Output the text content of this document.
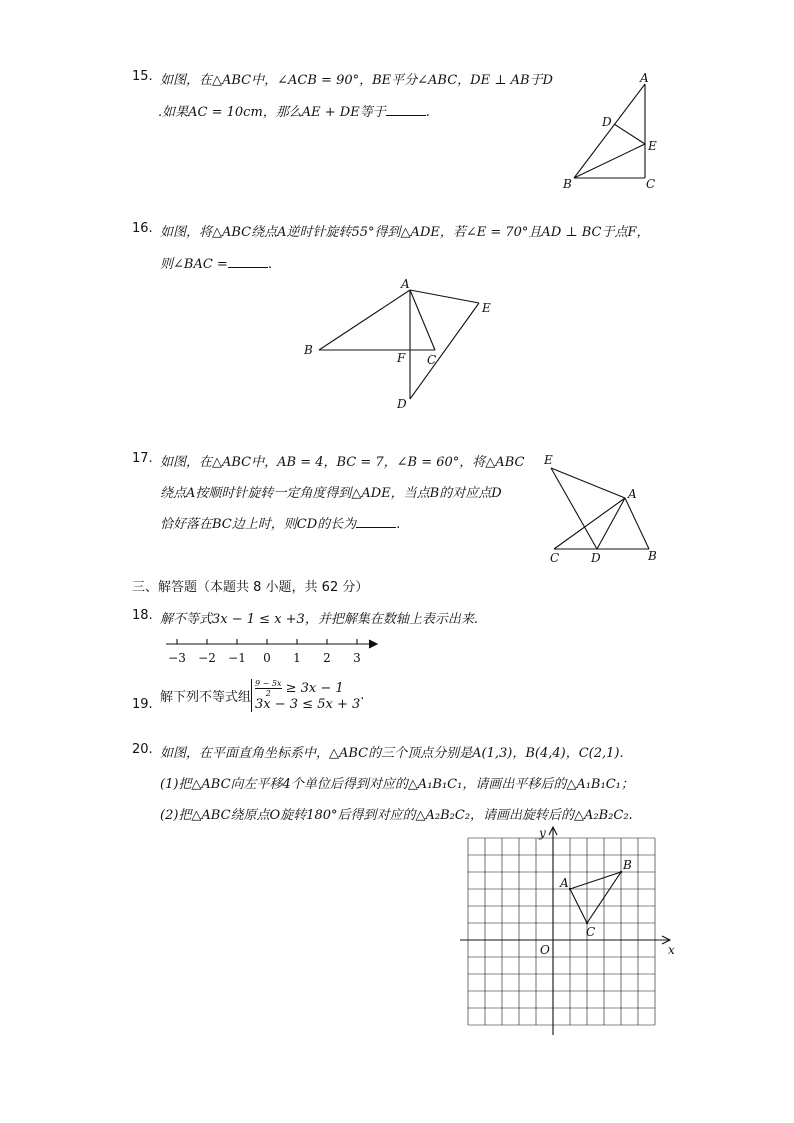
15. 如图，在△ABC中，∠ACB = 90°，BE平分∠ABC，DE ⊥ AB于D
.如果AC = 10cm，那么AE + DE等于	.
A
D
E
B	C
16. 如图，将△ABC绕点A逆时针旋转55°得到△ADE，若∠E = 70°且AD ⊥ BC于点F，
则∠BAC =	.
A
E
B
F C
D
17. 如图，在△ABC中，AB = 4，BC = 7，∠B = 60°，将△ABC
绕点A按顺时针旋转一定角度得到△ADE，当点B的对应点D
恰好落在BC边上时，则CD的长为	.
E
A
C	D	B
三、解答题（本题共 8 小题，共 62 分）
18. 解不等式3x − 1 ≤ x +3，并把解集在数轴上表示出来.
−3 −2 −1 0 1 2 3
19. 解下列不等式组 $\frac{9 - 5x}{2} \ge 3x - 1$
3x − 3 ≤ 5x + 3
.
20. 如图，在平面直角坐标系中，△ABC的三个顶点分别是A(1,3)，B(4,4)，C(2,1).
(1)把△ABC向左平移4个单位后得到对应的△A₁B₁C₁，请画出平移后的△A₁B₁C₁；
(2)把△ABC绕原点O旋转180°后得到对应的△A₂B₂C₂，请画出旋转后的△A₂B₂C₂.
x
y
O
A
B
C
